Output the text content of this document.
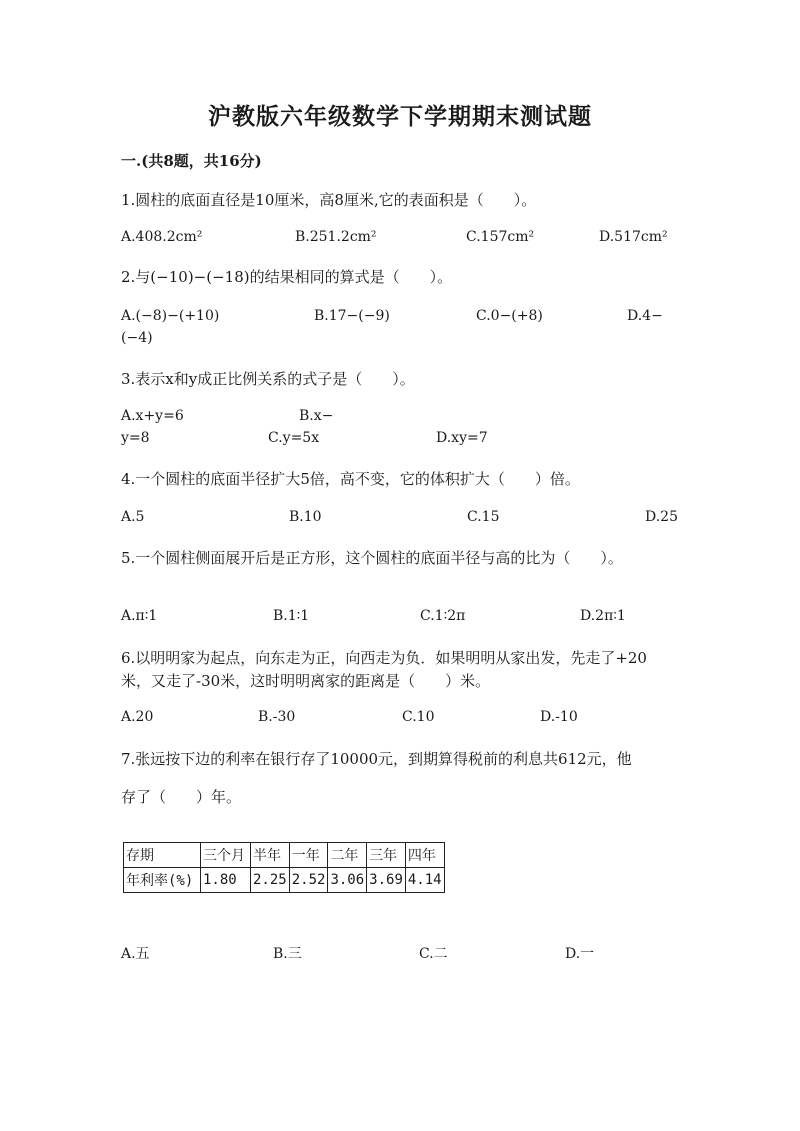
沪教版六年级数学下学期期末测试题
一.(共8题，共16分)
1.圆柱的底面直径是10厘米，高8厘米,它的表面积是（　　）。
A.408.2cm²	B.251.2cm²	C.157cm²	D.517cm²
2.与(−10)−(−18)的结果相同的算式是（　　）。
A.(−8)−(+10)	B.17−(−9)	C.0−(+8)	D.4−
(−4)
3.表示x和y成正比例关系的式子是（　　）。
A.x+y=6	B.x−
y=8	C.y=5x	D.xy=7
4.一个圆柱的底面半径扩大5倍，高不变，它的体积扩大（　　）倍。
A.5	B.10	C.15	D.25
5.一个圆柱侧面展开后是正方形，这个圆柱的底面半径与高的比为（　　）。
A.π∶1	B.1∶1	C.1∶2π	D.2π∶1
6.以明明家为起点，向东走为正，向西走为负．如果明明从家出发，先走了+20
米，又走了-30米，这时明明离家的距离是（　　）米。
A.20	B.-30	C.10	D.-10
7.张远按下边的利率在银行存了10000元，到期算得税前的利息共612元，他
存了（　　）年。
存期	三个月	半年	一年	二年	三年	四年
年利率(%)	1.80	2.25	2.52	3.06	3.69	4.14
A.五	B.三	C.二	D.一
